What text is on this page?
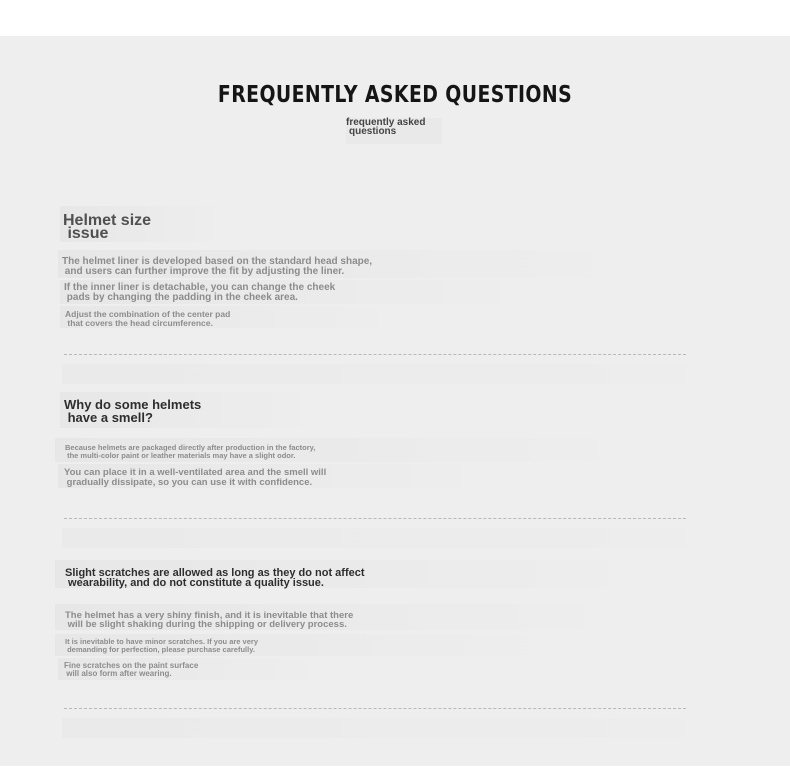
FREQUENTLY ASKED QUESTIONS
frequently asked
questions
Helmet size
issue
The helmet liner is developed based on the standard head shape,
and users can further improve the fit by adjusting the liner.
If the inner liner is detachable, you can change the cheek
pads by changing the padding in the cheek area.
Adjust the combination of the center pad
that covers the head circumference.
Why do some helmets
have a smell?
Because helmets are packaged directly after production in the factory,
the multi-color paint or leather materials may have a slight odor.
You can place it in a well-ventilated area and the smell will
gradually dissipate, so you can use it with confidence.
Slight scratches are allowed as long as they do not affect
wearability, and do not constitute a quality issue.
The helmet has a very shiny finish, and it is inevitable that there
will be slight shaking during the shipping or delivery process.
It is inevitable to have minor scratches. If you are very
demanding for perfection, please purchase carefully.
Fine scratches on the paint surface
will also form after wearing.
